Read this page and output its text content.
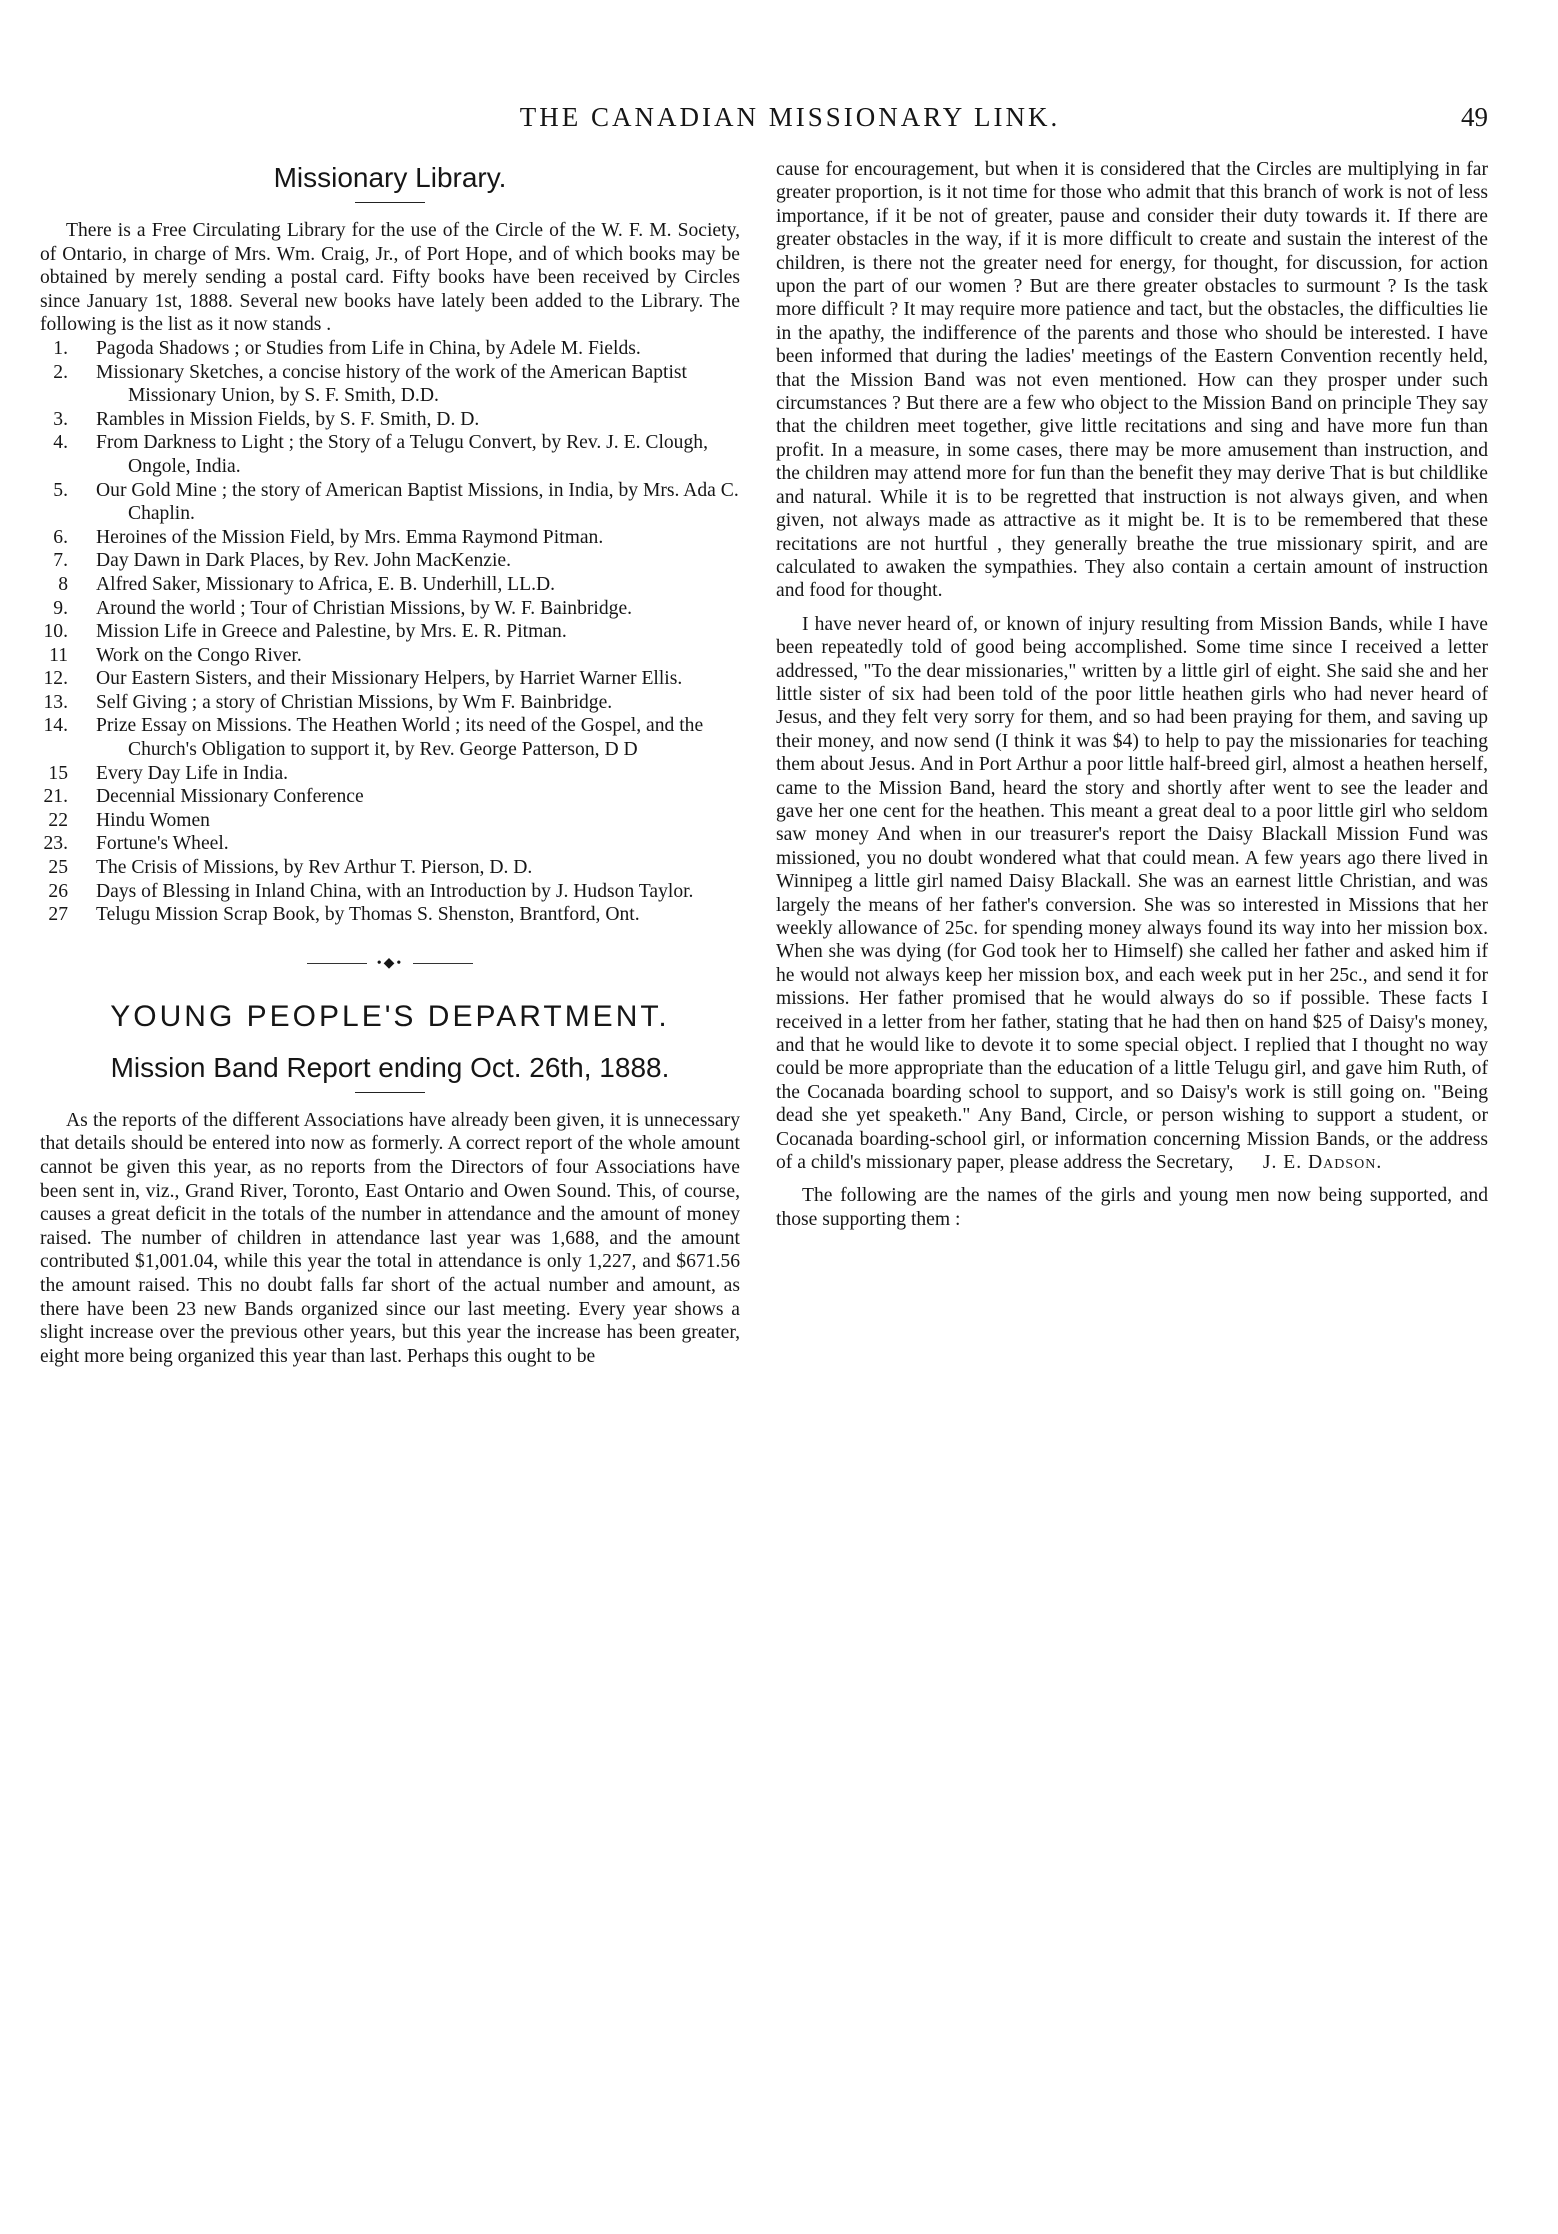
THE CANADIAN MISSIONARY LINK.	49
Missionary Library.

There is a Free Circulating Library for the use of the Circle of the W. F. M. Society, of Ontario, in charge of Mrs. Wm. Craig, Jr., of Port Hope, and of which books may be obtained by merely sending a postal card. Fifty books have been received by Circles since January 1st, 1888. Several new books have lately been added to the Library. The following is the list as it now stands .

1. Pagoda Shadows ; or Studies from Life in China, by Adele M. Fields.
2. Missionary Sketches, a concise history of the work of the American Baptist Missionary Union, by S. F. Smith, D.D.
3. Rambles in Mission Fields, by S. F. Smith, D. D.
4. From Darkness to Light ; the Story of a Telugu Convert, by Rev. J. E. Clough, Ongole, India.
5. Our Gold Mine ; the story of American Baptist Missions, in India, by Mrs. Ada C. Chaplin.
6. Heroines of the Mission Field, by Mrs. Emma Raymond Pitman.
7. Day Dawn in Dark Places, by Rev. John MacKenzie.
8 Alfred Saker, Missionary to Africa, E. B. Underhill, LL.D.
9. Around the world ; Tour of Christian Missions, by W. F. Bainbridge.
10. Mission Life in Greece and Palestine, by Mrs. E. R. Pitman.
11 Work on the Congo River.
12. Our Eastern Sisters, and their Missionary Helpers, by Harriet Warner Ellis.
13. Self Giving ; a story of Christian Missions, by Wm F. Bainbridge.
14. Prize Essay on Missions. The Heathen World ; its need of the Gospel, and the Church's Obligation to support it, by Rev. George Patterson, D D
15 Every Day Life in India.
21. Decennial Missionary Conference
22 Hindu Women
23. Fortune's Wheel.
25 The Crisis of Missions, by Rev Arthur T. Pierson, D. D.
26 Days of Blessing in Inland China, with an Introduction by J. Hudson Taylor.
27 Telugu Mission Scrap Book, by Thomas S. Shenston, Brantford, Ont.
•◆•
YOUNG PEOPLE'S DEPARTMENT.
Mission Band Report ending Oct. 26th, 1888.

As the reports of the different Associations have already been given, it is unnecessary that details should be entered into now as formerly. A correct report of the whole amount cannot be given this year, as no reports from the Directors of four Associations have been sent in, viz., Grand River, Toronto, East Ontario and Owen Sound. This, of course, causes a great deficit in the totals of the number in attendance and the amount of money raised. The number of children in attendance last year was 1,688, and the amount contributed $1,001.04, while this year the total in attendance is only 1,227, and $671.56 the amount raised. This no doubt falls far short of the actual number and amount, as there have been 23 new Bands organized since our last meeting. Every year shows a slight increase over the previous other years, but this year the increase has been greater, eight more being organized this year than last. Perhaps this ought to be

cause for encouragement, but when it is considered that the Circles are multiplying in far greater proportion, is it not time for those who admit that this branch of work is not of less importance, if it be not of greater, pause and consider their duty towards it. If there are greater obstacles in the way, if it is more difficult to create and sustain the interest of the children, is there not the greater need for energy, for thought, for discussion, for action upon the part of our women ? But are there greater obstacles to surmount ? Is the task more difficult ? It may require more patience and tact, but the obstacles, the difficulties lie in the apathy, the indifference of the parents and those who should be interested. I have been informed that during the ladies' meetings of the Eastern Convention recently held, that the Mission Band was not even mentioned. How can they prosper under such circumstances ? But there are a few who object to the Mission Band on principle They say that the children meet together, give little recitations and sing and have more fun than profit. In a measure, in some cases, there may be more amusement than instruction, and the children may attend more for fun than the benefit they may derive That is but childlike and natural. While it is to be regretted that instruction is not always given, and when given, not always made as attractive as it might be. It is to be remembered that these recitations are not hurtful , they generally breathe the true missionary spirit, and are calculated to awaken the sympathies. They also contain a certain amount of instruction and food for thought.

I have never heard of, or known of injury resulting from Mission Bands, while I have been repeatedly told of good being accomplished. Some time since I received a letter addressed, "To the dear missionaries," written by a little girl of eight. She said she and her little sister of six had been told of the poor little heathen girls who had never heard of Jesus, and they felt very sorry for them, and so had been praying for them, and saving up their money, and now send (I think it was $4) to help to pay the missionaries for teaching them about Jesus. And in Port Arthur a poor little half-breed girl, almost a heathen herself, came to the Mission Band, heard the story and shortly after went to see the leader and gave her one cent for the heathen. This meant a great deal to a poor little girl who seldom saw money And when in our treasurer's report the Daisy Blackall Mission Fund was missioned, you no doubt wondered what that could mean. A few years ago there lived in Winnipeg a little girl named Daisy Blackall. She was an earnest little Christian, and was largely the means of her father's conversion. She was so interested in Missions that her weekly allowance of 25c. for spending money always found its way into her mission box. When she was dying (for God took her to Himself) she called her father and asked him if he would not always keep her mission box, and each week put in her 25c., and send it for missions. Her father promised that he would always do so if possible. These facts I received in a letter from her father, stating that he had then on hand $25 of Daisy's money, and that he would like to devote it to some special object. I replied that I thought no way could be more appropriate than the education of a little Telugu girl, and gave him Ruth, of the Cocanada boarding school to support, and so Daisy's work is still going on. "Being dead she yet speaketh." Any Band, Circle, or person wishing to support a student, or Cocanada boarding-school girl, or information concerning Mission Bands, or the address of a child's missionary paper, please address the Secretary, J. E. Dadson.

The following are the names of the girls and young men now being supported, and those supporting them :
